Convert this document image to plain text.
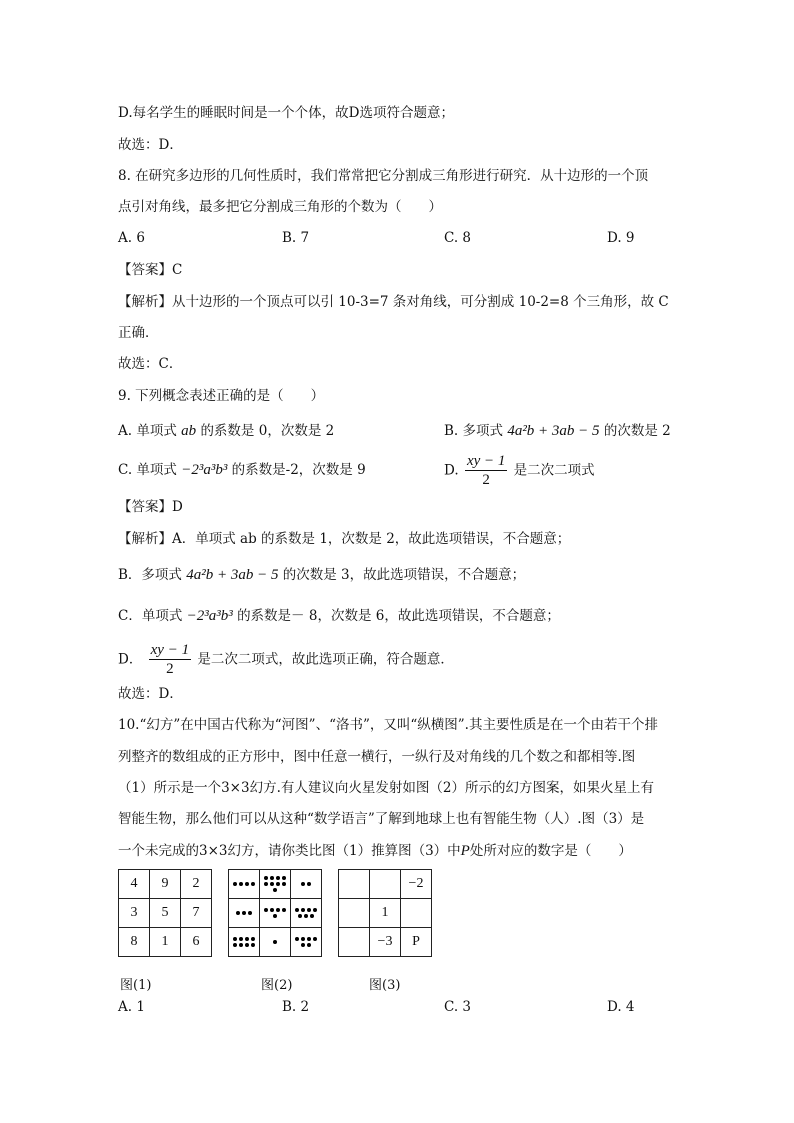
D.每名学生的睡眠时间是一个个体，故D选项符合题意；
故选：D．
8. 在研究多边形的几何性质时，我们常常把它分割成三角形进行研究．从十边形的一个顶
点引对角线，最多把它分割成三角形的个数为（　　）
A. 6	B. 7	C. 8	D. 9
【答案】C
【解析】从十边形的一个顶点可以引 10-3=7 条对角线，可分割成 10-2=8 个三角形，故 C
正确．
故选：C．
9. 下列概念表述正确的是（　　）
A. 单项式 ab 的系数是 0，次数是 2	B. 多项式 4a²b + 3ab − 5 的次数是 2
C. 单项式 −2³a³b³ 的系数是-2，次数是 9	D. $\frac{xy - 1}{2}$ 是二次二项式
【答案】D
【解析】A．单项式 ab 的系数是 1，次数是 2，故此选项错误，不合题意；
B．多项式 4a²b + 3ab − 5 的次数是 3，故此选项错误，不合题意；
C．单项式 −2³a³b³ 的系数是－ 8，次数是 6，故此选项错误，不合题意；
D． $\frac{xy - 1}{2}$ 是二次二项式，故此选项正确，符合题意．
故选：D．
10.“幻方”在中国古代称为“河图”、“洛书”，又叫“纵横图”.其主要性质是在一个由若干个排
列整齐的数组成的正方形中，图中任意一横行，一纵行及对角线的几个数之和都相等.图
（1）所示是一个3×3幻方.有人建议向火星发射如图（2）所示的幻方图案，如果火星上有
智能生物，那么他们可以从这种“数学语言”了解到地球上也有智能生物（人）.图（3）是
一个未完成的3×3幻方，请你类比图（1）推算图（3）中P处所对应的数字是（　　）
4	9	2
3	5	7
8	1	6

		−2
	1	
	−3	P
图(1)	图(2)	图(3)
A. 1	B. 2	C. 3	D. 4
